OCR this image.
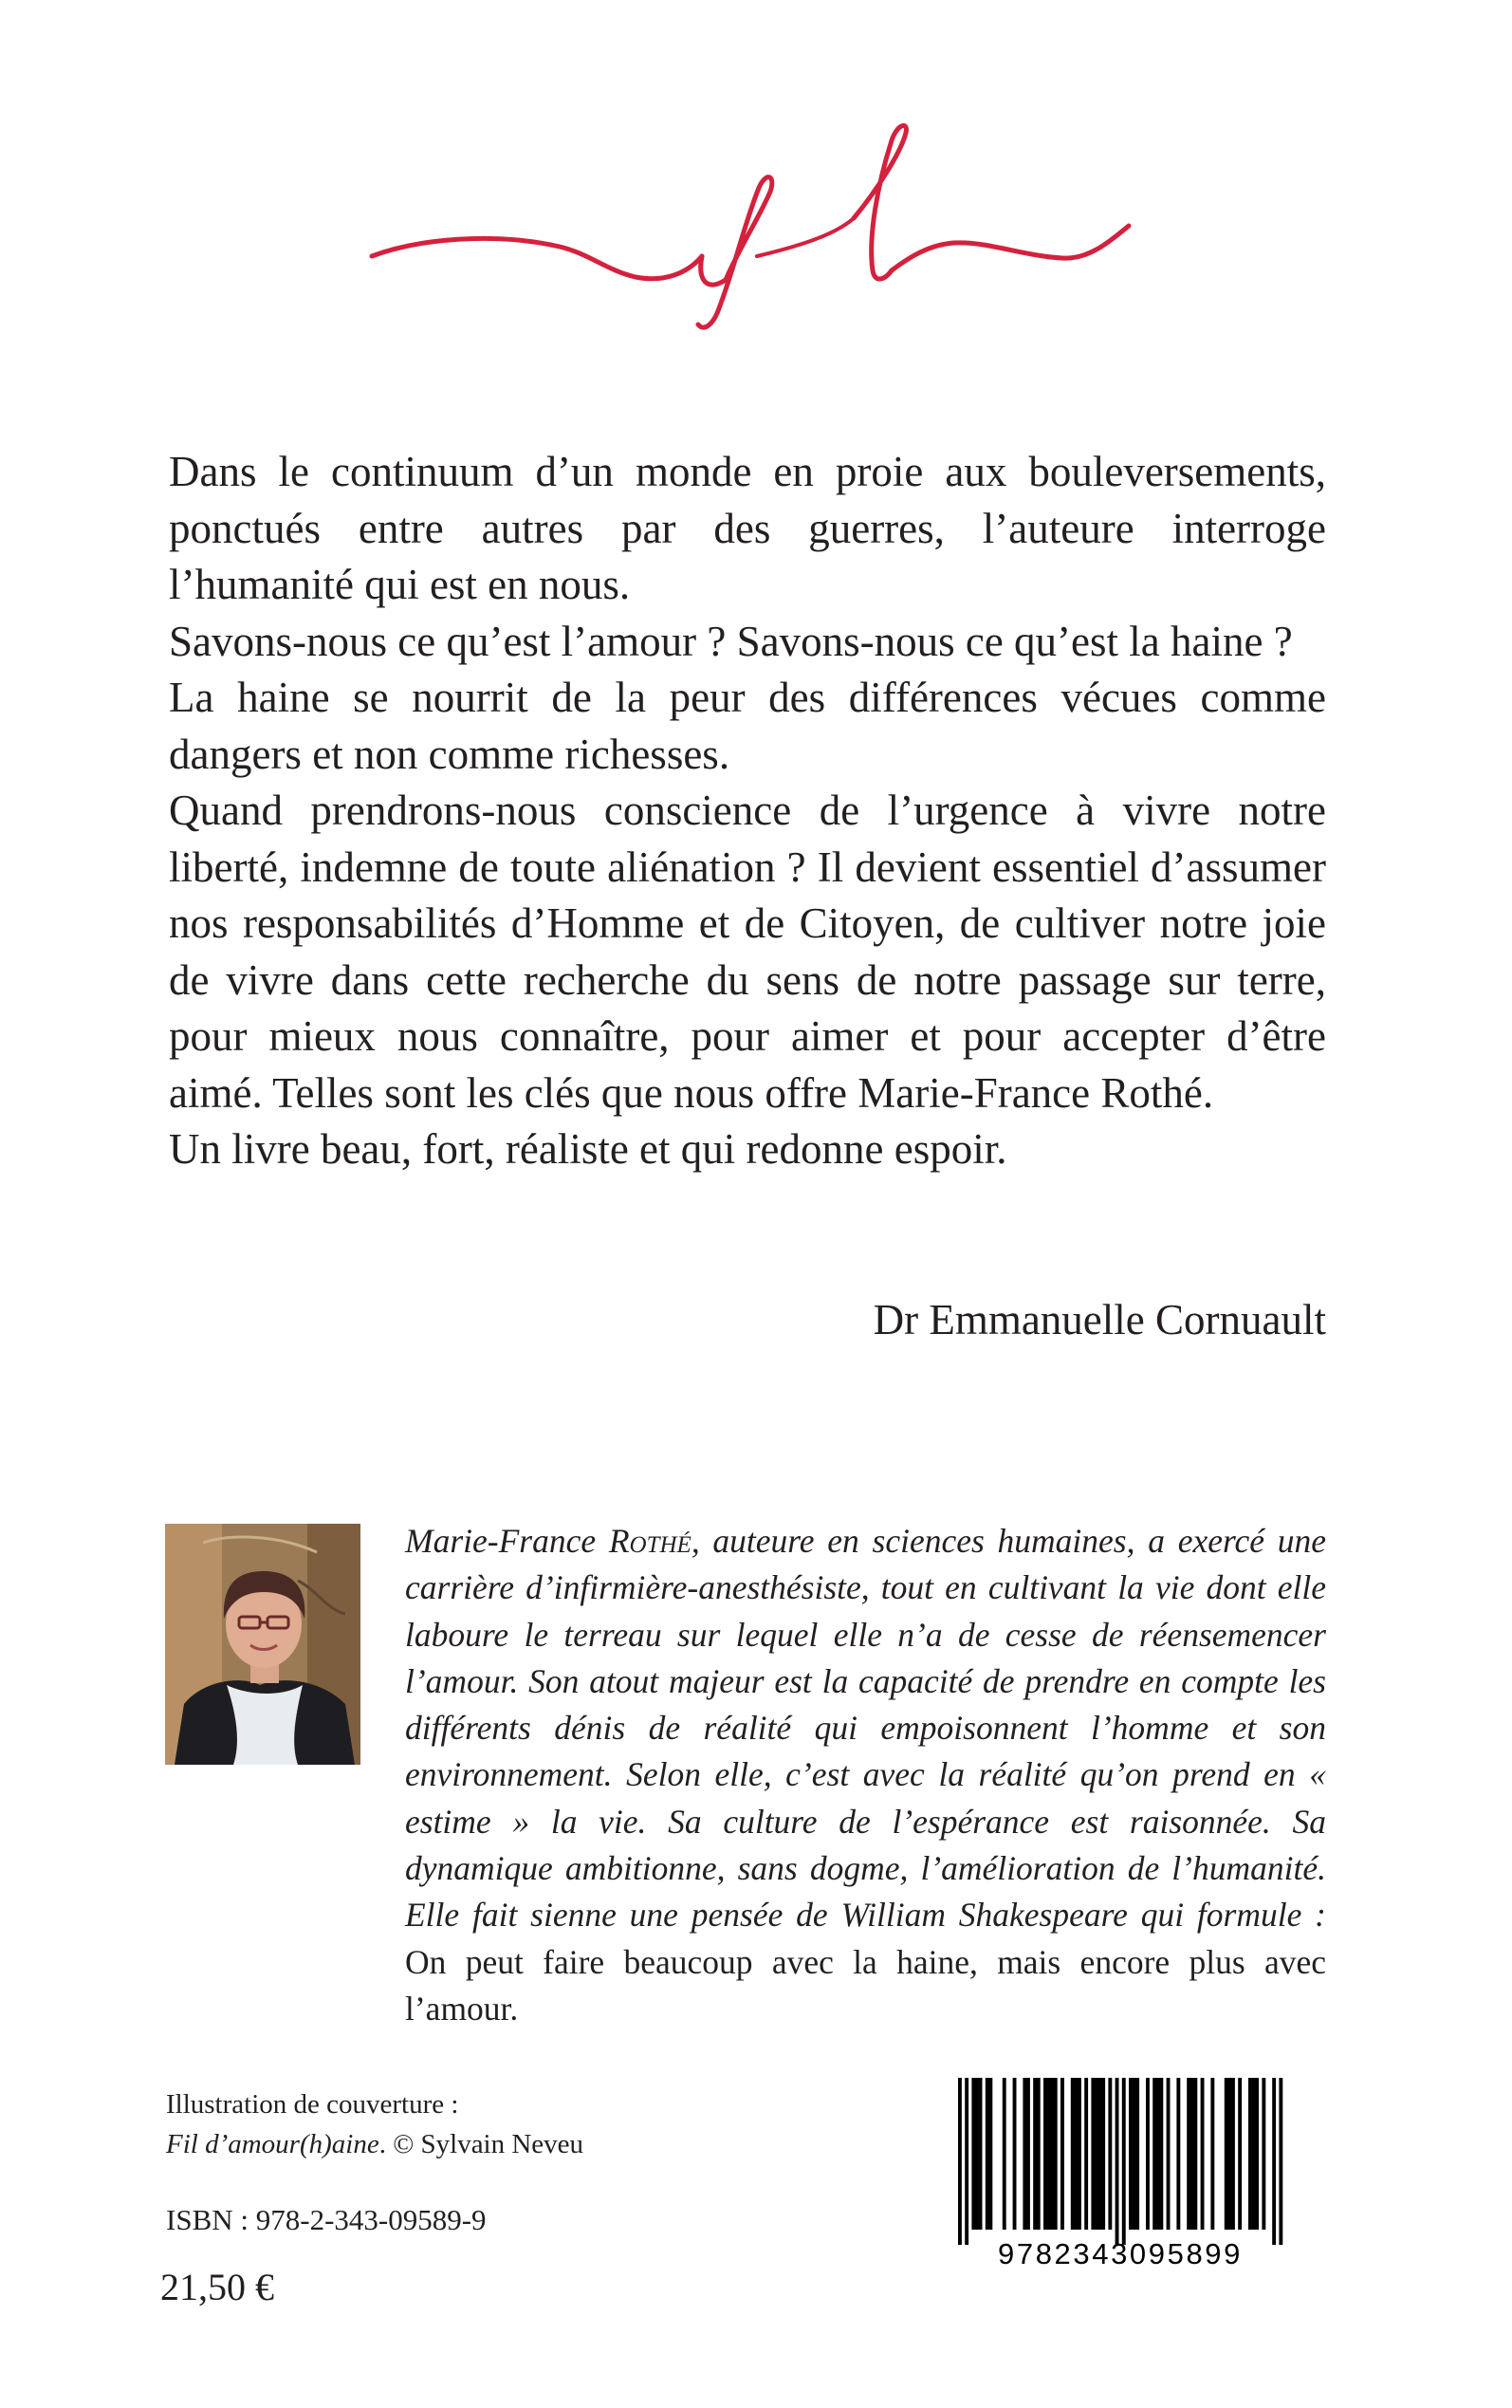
Dans le continuum d’un monde en proie aux bouleversements, ponctués entre autres par des guerres, l’auteure interroge l’humanité qui est en nous.

Savons-nous ce qu’est l’amour ? Savons-nous ce qu’est la haine ?

La haine se nourrit de la peur des différences vécues comme dangers et non comme richesses.

Quand prendrons-nous conscience de l’urgence à vivre notre liberté, indemne de toute aliénation ? Il devient essentiel d’assumer nos responsabilités d’Homme et de Citoyen, de cultiver notre joie de vivre dans cette recherche du sens de notre passage sur terre, pour mieux nous connaître, pour aimer et pour accepter d’être aimé. Telles sont les clés que nous offre Marie-France Rothé.

Un livre beau, fort, réaliste et qui redonne espoir.

Dr Emmanuelle Cornuault

Marie-France Rothé, auteure en sciences humaines, a exercé une carrière d’infirmière-anesthésiste, tout en cultivant la vie dont elle laboure le terreau sur lequel elle n’a de cesse de réensemencer l’amour. Son atout majeur est la capacité de prendre en compte les différents dénis de réalité qui empoisonnent l’homme et son environnement. Selon elle, c’est avec la réalité qu’on prend en « estime » la vie. Sa culture de l’espérance est raisonnée. Sa dynamique ambitionne, sans dogme, l’amélioration de l’humanité. Elle fait sienne une pensée de William Shakespeare qui formule : On peut faire beaucoup avec la haine, mais encore plus avec l’amour.

Illustration de couverture :

Fil d’amour(h)aine. © Sylvain Neveu

ISBN : 978-2-343-09589-9
21,50 €
9782343095899
